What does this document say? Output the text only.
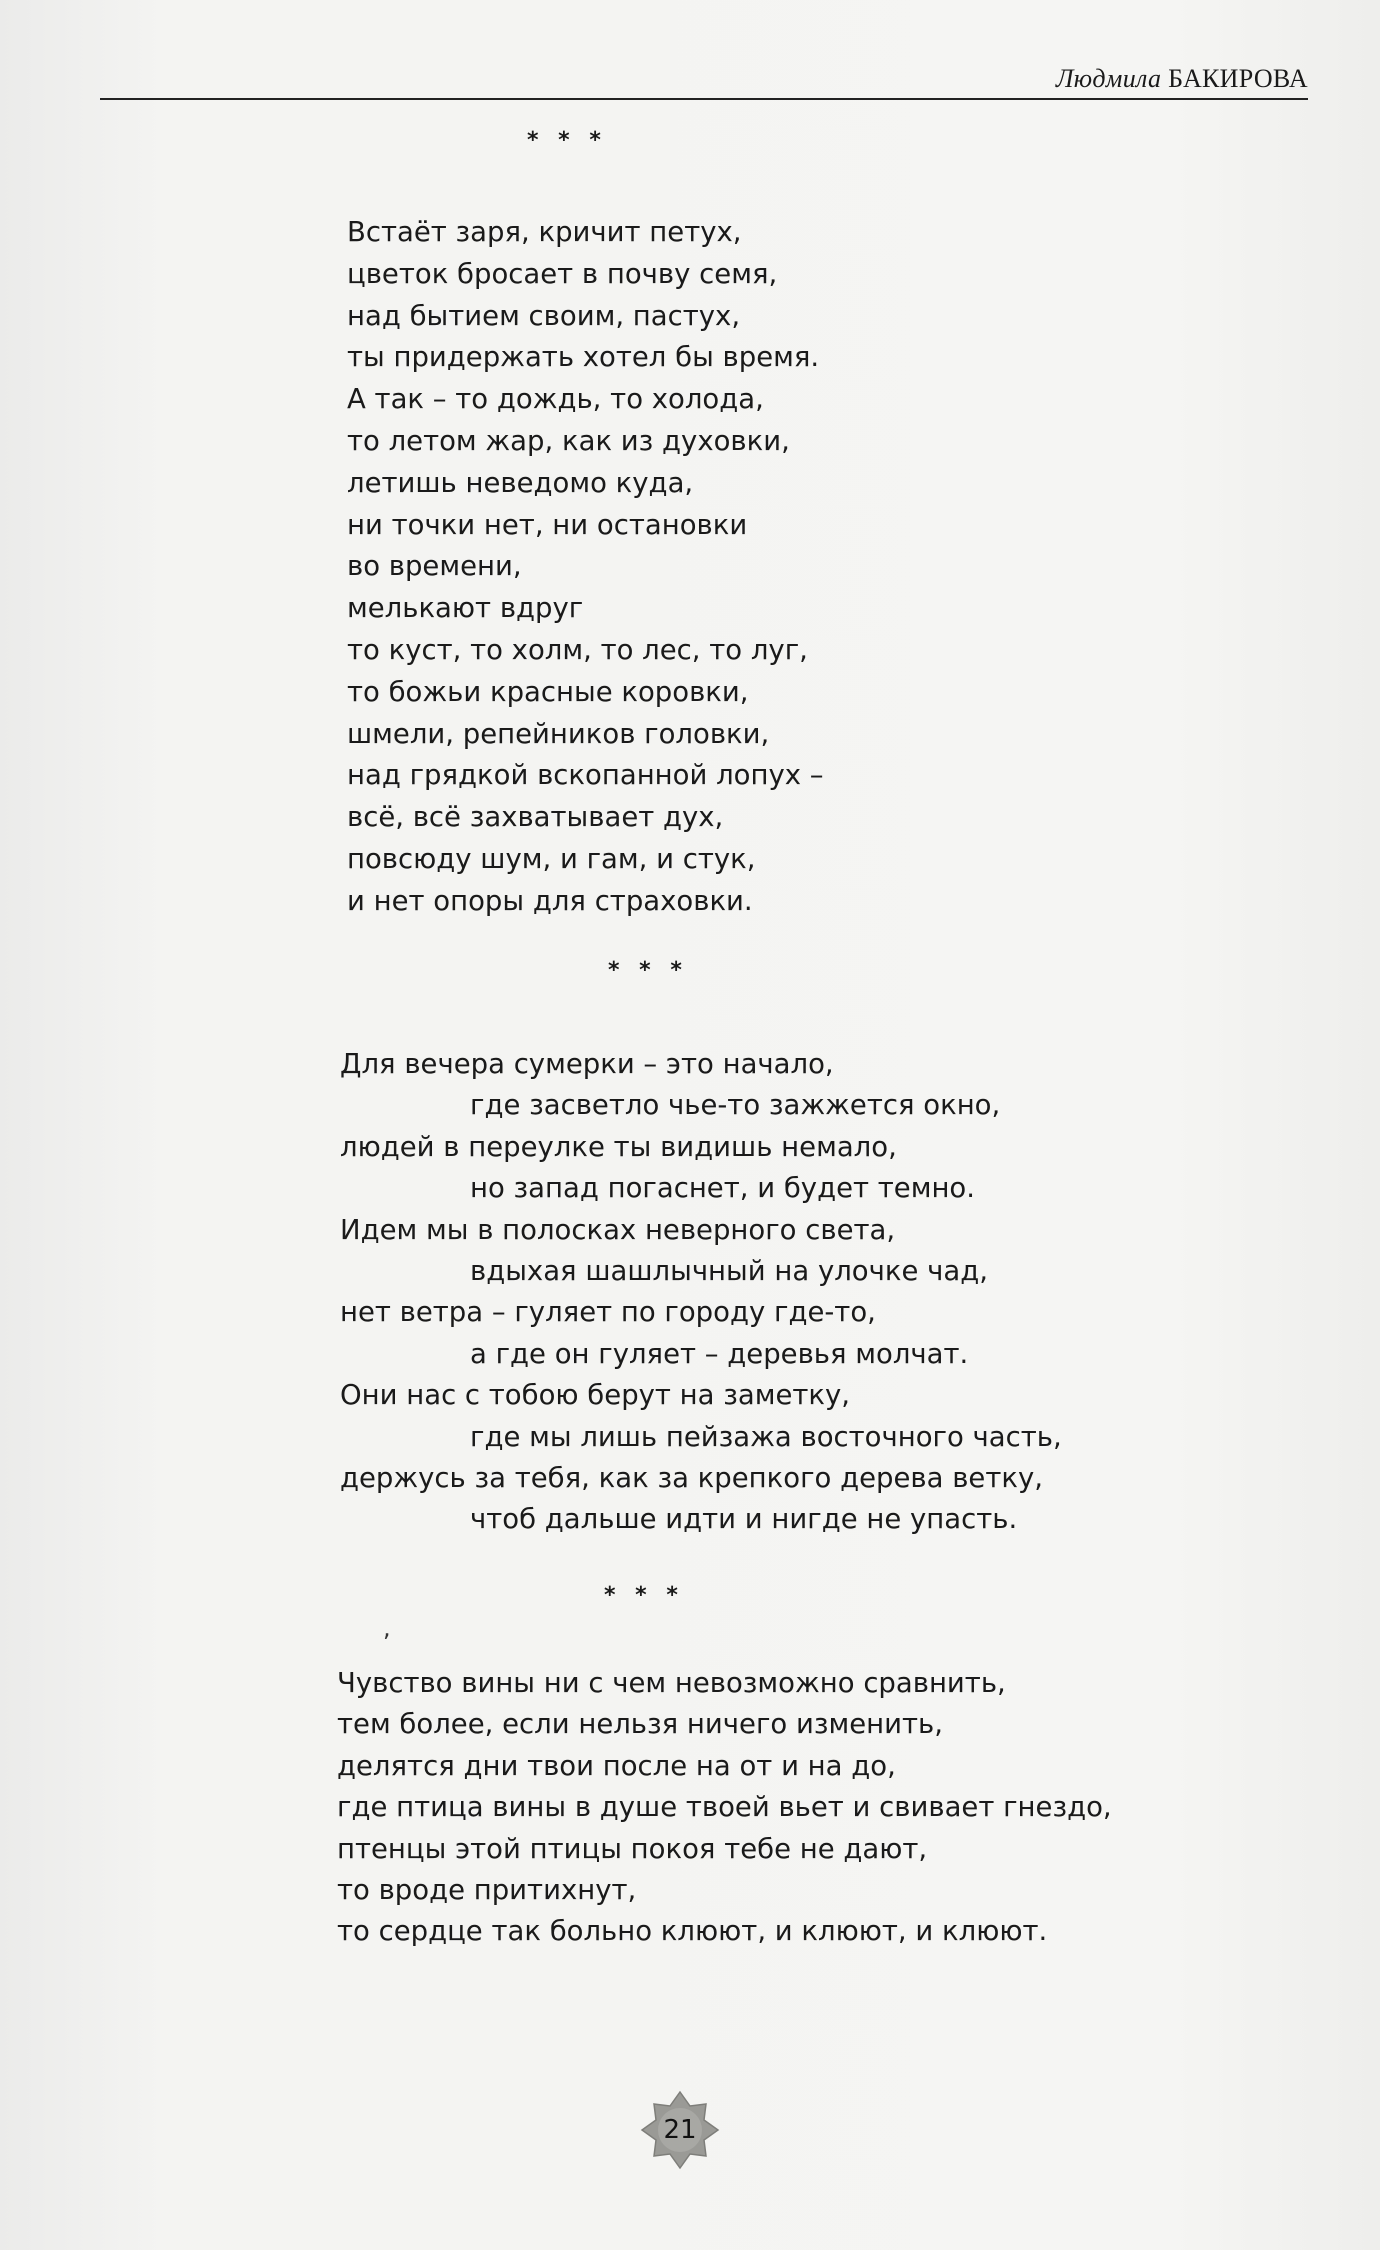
Людмила БАКИРОВА
* * *
Встаёт заря, кричит петух,
цветок бросает в почву семя,
над бытием своим, пастух,
ты придержать хотел бы время.
А так – то дождь, то холода,
то летом жар, как из духовки,
летишь неведомо куда,
ни точки нет, ни остановки
во времени,
мелькают вдруг
то куст, то холм, то лес, то луг,
то божьи красные коровки,
шмели, репейников головки,
над грядкой вскопанной лопух –
всё, всё захватывает дух,
повсюду шум, и гам, и стук,
и нет опоры для страховки.
* * *
Для вечера сумерки – это начало,
где засветло чье-то зажжется окно,
людей в переулке ты видишь немало,
но запад погаснет, и будет темно.
Идем мы в полосках неверного света,
вдыхая шашлычный на улочке чад,
нет ветра – гуляет по городу где-то,
а где он гуляет – деревья молчат.
Они нас с тобою берут на заметку,
где мы лишь пейзажа восточного часть,
держусь за тебя, как за крепкого дерева ветку,
чтоб дальше идти и нигде не упасть.
* * *
,
Чувство вины ни с чем невозможно сравнить,
тем более, если нельзя ничего изменить,
делятся дни твои после на от и на до,
где птица вины в душе твоей вьет и свивает гнездо,
птенцы этой птицы покоя тебе не дают,
то вроде притихнут,
то сердце так больно клюют, и клюют, и клюют.
21
